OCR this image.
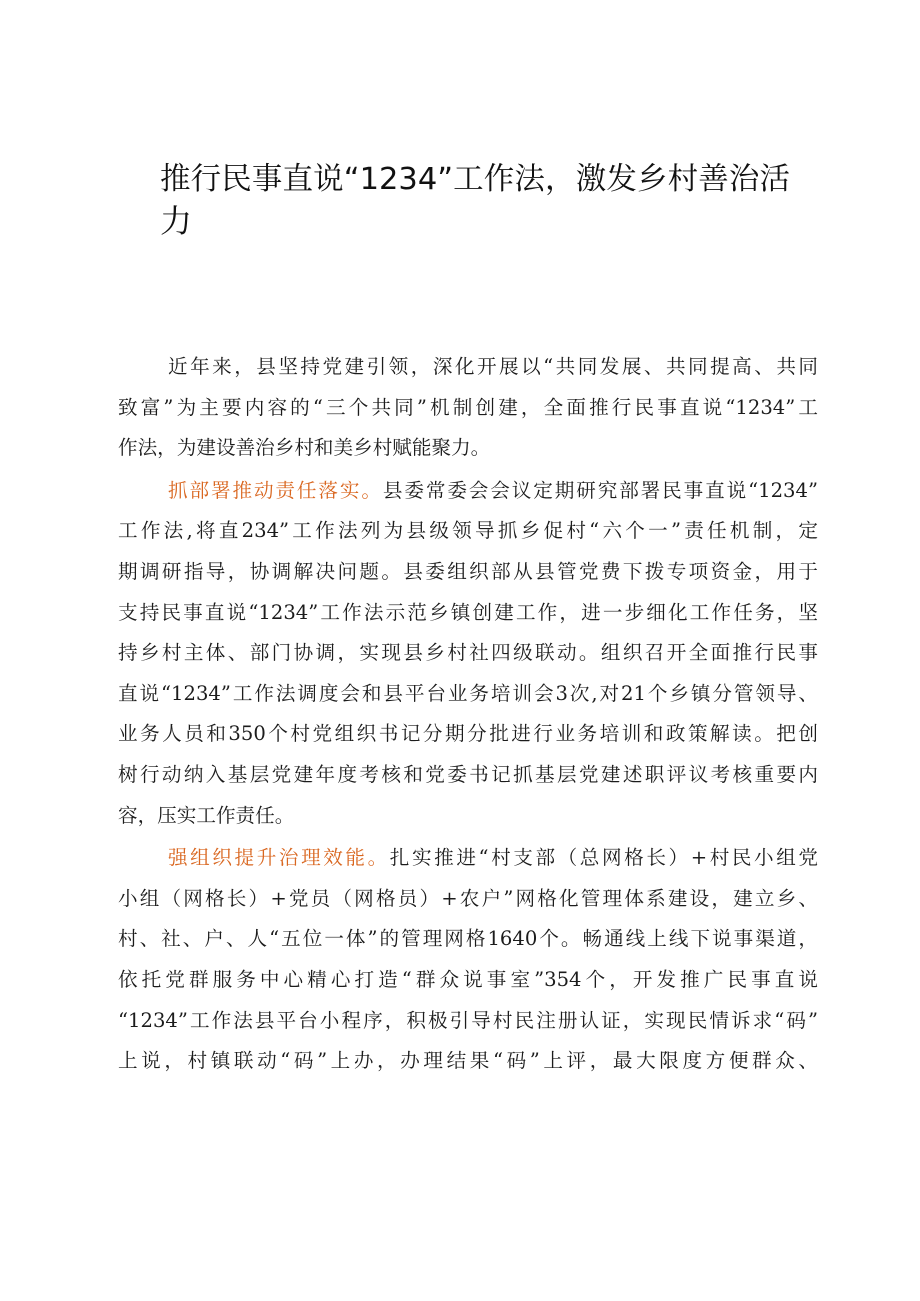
推行民事直说“1234”工作法，激发乡村善治活
力
近年来，县坚持党建引领，深化开展以“共同发展、共同提高、共同
致富”为主要内容的“三个共同”机制创建，全面推行民事直说“1234”工
作法，为建设善治乡村和美乡村赋能聚力。
抓部署推动责任落实。县委常委会会议定期研究部署民事直说“1234”
工作法,将直234”工作法列为县级领导抓乡促村“六个一”责任机制，定
期调研指导，协调解决问题。县委组织部从县管党费下拨专项资金，用于
支持民事直说“1234”工作法示范乡镇创建工作，进一步细化工作任务，坚
持乡村主体、部门协调，实现县乡村社四级联动。组织召开全面推行民事
直说“1234”工作法调度会和县平台业务培训会3次,对21个乡镇分管领导、
业务人员和350个村党组织书记分期分批进行业务培训和政策解读。把创
树行动纳入基层党建年度考核和党委书记抓基层党建述职评议考核重要内
容，压实工作责任。
强组织提升治理效能。扎实推进“村支部（总网格长）+村民小组党
小组（网格长）+党员（网格员）+农户”网格化管理体系建设，建立乡、
村、社、户、人“五位一体”的管理网格1640个。畅通线上线下说事渠道，
依托党群服务中心精心打造“群众说事室”354个，开发推广民事直说
“1234”工作法县平台小程序，积极引导村民注册认证，实现民情诉求“码”
上说，村镇联动“码”上办，办理结果“码”上评，最大限度方便群众、
